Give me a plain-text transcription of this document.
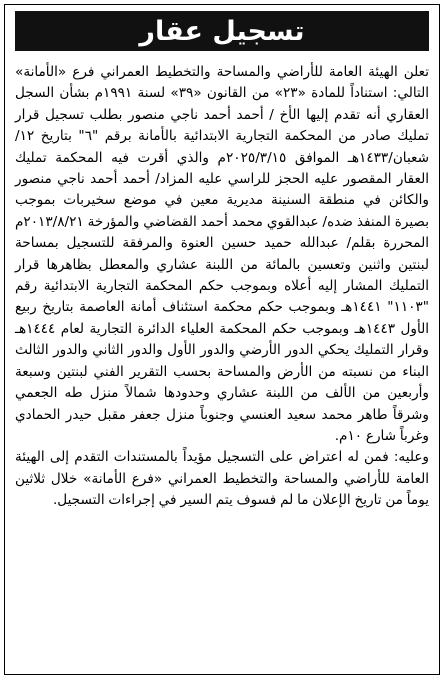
تسجيل عقار

تعلن الهيئة العامة للأراضي والمساحة والتخطيط العمراني فرع «الأمانة» التالي: استناداً للمادة «٢٣» من القانون «٣٩» لسنة ١٩٩١م بشأن السجل العقاري أنه تقدم إليها الأخ / أحمد أحمد ناجي منصور بطلب تسجيل قرار تمليك صادر من المحكمة التجارية الابتدائية بالأمانة برقم "٦" بتاريخ ١٢/شعبان/١٤٣٣هـ الموافق ٢٠٢٥/٣/١٥م والذي أقرت فيه المحكمة تمليك العقار المقصور عليه الحجز للراسي عليه المزاد/ أحمد أحمد ناجي منصور والكائن في منطقة السنينة مديرية معين في موضع سخيربات بموجب بصيرة المنفذ ضده/ عبدالقوي محمد أحمد القضاضي والمؤرخة ٢٠١٣/٨/٢١م المحررة بقلم/ عبدالله حميد حسين العنوة والمرفقة للتسجيل بمساحة لبنتين واثنين وتعسين بالمائة من اللبنة عشاري والمعطل بظاهرها قرار التمليك المشار إليه أعلاه وبموجب حكم المحكمة التجارية الابتدائية رقم "١١٠٣" ١٤٤١هـ وبموجب حكم محكمة استئناف أمانة العاصمة بتاريخ ربيع الأول ١٤٤٣هـ وبموجب حكم المحكمة العلياء الدائرة التجارية لعام ١٤٤٤هـ وقرار التمليك يحكي الدور الأرضي والدور الأول والدور الثاني والدور الثالث البناء من نسبته من الأرض والمساحة بحسب التقرير الفني لبنتين وسبعة وأربعين من الألف من اللبنة عشاري وحدودها شمالاً منزل طه الجعمي وشرقاً طاهر محمد سعيد العنسي وجنوباً منزل جعفر مقبل حيدر الحمادي وغرباً شارع ١٠م.

وعليه: فمن له اعتراض على التسجيل مؤيداً بالمستندات التقدم إلى الهيئة العامة للأراضي والمساحة والتخطيط العمراني «فرع الأمانة» خلال ثلاثين يوماً من تاريخ الإعلان ما لم فسوف يتم السير في إجراءات التسجيل.
